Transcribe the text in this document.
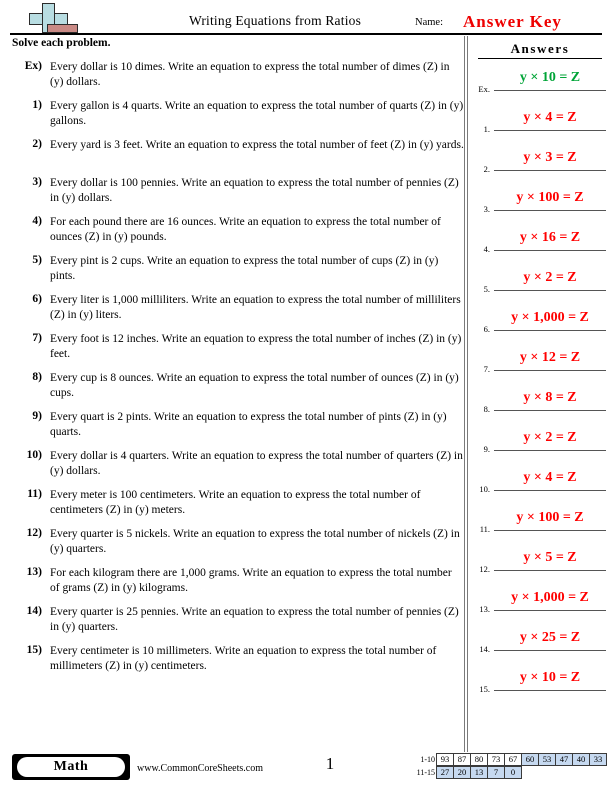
Writing Equations from Ratios	Name: Answer Key
Solve each problem.
Ex) Every dollar is 10 dimes. Write an equation to express the total number of dimes (Z) in (y) dollars.
1) Every gallon is 4 quarts. Write an equation to express the total number of quarts (Z) in (y) gallons.
2) Every yard is 3 feet. Write an equation to express the total number of feet (Z) in (y) yards.
3) Every dollar is 100 pennies. Write an equation to express the total number of pennies (Z) in (y) dollars.
4) For each pound there are 16 ounces. Write an equation to express the total number of ounces (Z) in (y) pounds.
5) Every pint is 2 cups. Write an equation to express the total number of cups (Z) in (y) pints.
6) Every liter is 1,000 milliliters. Write an equation to express the total number of milliliters (Z) in (y) liters.
7) Every foot is 12 inches. Write an equation to express the total number of inches (Z) in (y) feet.
8) Every cup is 8 ounces. Write an equation to express the total number of ounces (Z) in (y) cups.
9) Every quart is 2 pints. Write an equation to express the total number of pints (Z) in (y) quarts.
10) Every dollar is 4 quarters. Write an equation to express the total number of quarters (Z) in (y) dollars.
11) Every meter is 100 centimeters. Write an equation to express the total number of centimeters (Z) in (y) meters.
12) Every quarter is 5 nickels. Write an equation to express the total number of nickels (Z) in (y) quarters.
13) For each kilogram there are 1,000 grams. Write an equation to express the total number of grams (Z) in (y) kilograms.
14) Every quarter is 25 pennies. Write an equation to express the total number of pennies (Z) in (y) quarters.
15) Every centimeter is 10 millimeters. Write an equation to express the total number of millimeters (Z) in (y) centimeters.
Answers
Ex.
y × 10 = Z
1.
y × 4 = Z
2.
y × 3 = Z
3.
y × 100 = Z
4.
y × 16 = Z
5.
y × 2 = Z
6.
y × 1,000 = Z
7.
y × 12 = Z
8.
y × 8 = Z
9.
y × 2 = Z
10.
y × 4 = Z
11.
y × 100 = Z
12.
y × 5 = Z
13.
y × 1,000 = Z
14.
y × 25 = Z
15.
y × 10 = Z
Math	www.CommonCoreSheets.com	1	1-10 93 87 80 73 67 60 53 47 40 33
11-15 27 20 13 7 0
